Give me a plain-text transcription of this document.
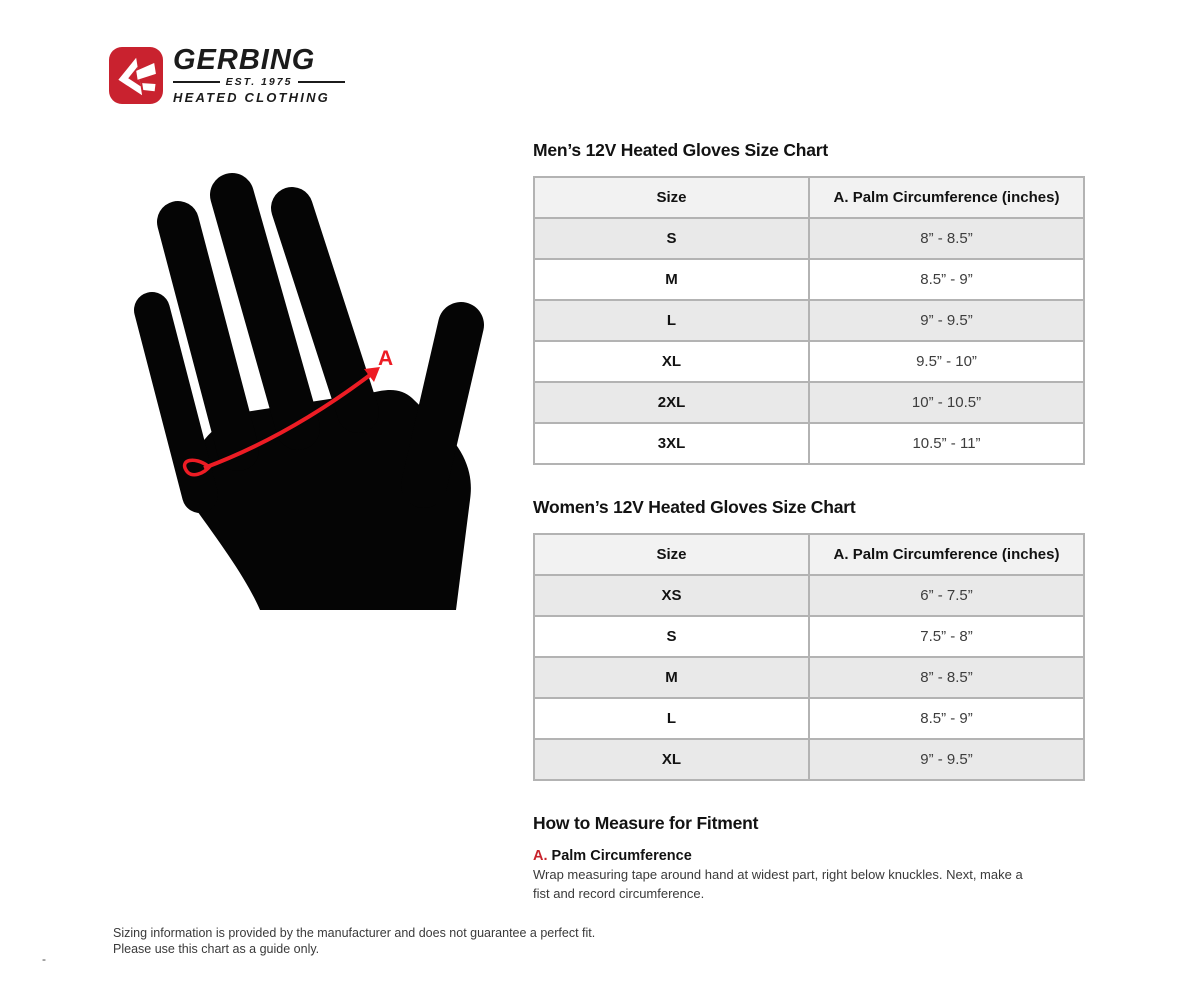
GERBING
EST. 1975
HEATED CLOTHING
A
Men’s 12V Heated Gloves Size Chart
Size	A. Palm Circumference (inches)
S	8” - 8.5”
M	8.5” - 9”
L	9” - 9.5”
XL	9.5” - 10”
2XL	10” - 10.5”
3XL	10.5” - 11”
Women’s 12V Heated Gloves Size Chart
Size	A. Palm Circumference (inches)
XS	6” - 7.5”
S	7.5” - 8”
M	8” - 8.5”
L	8.5” - 9”
XL	9” - 9.5”
How to Measure for Fitment
A. Palm Circumference

Wrap measuring tape around hand at widest part, right below knuckles. Next, make a fist and record circumference.

Sizing information is provided by the manufacturer and does not guarantee a perfect fit.
Please use this chart as a guide only.
-
